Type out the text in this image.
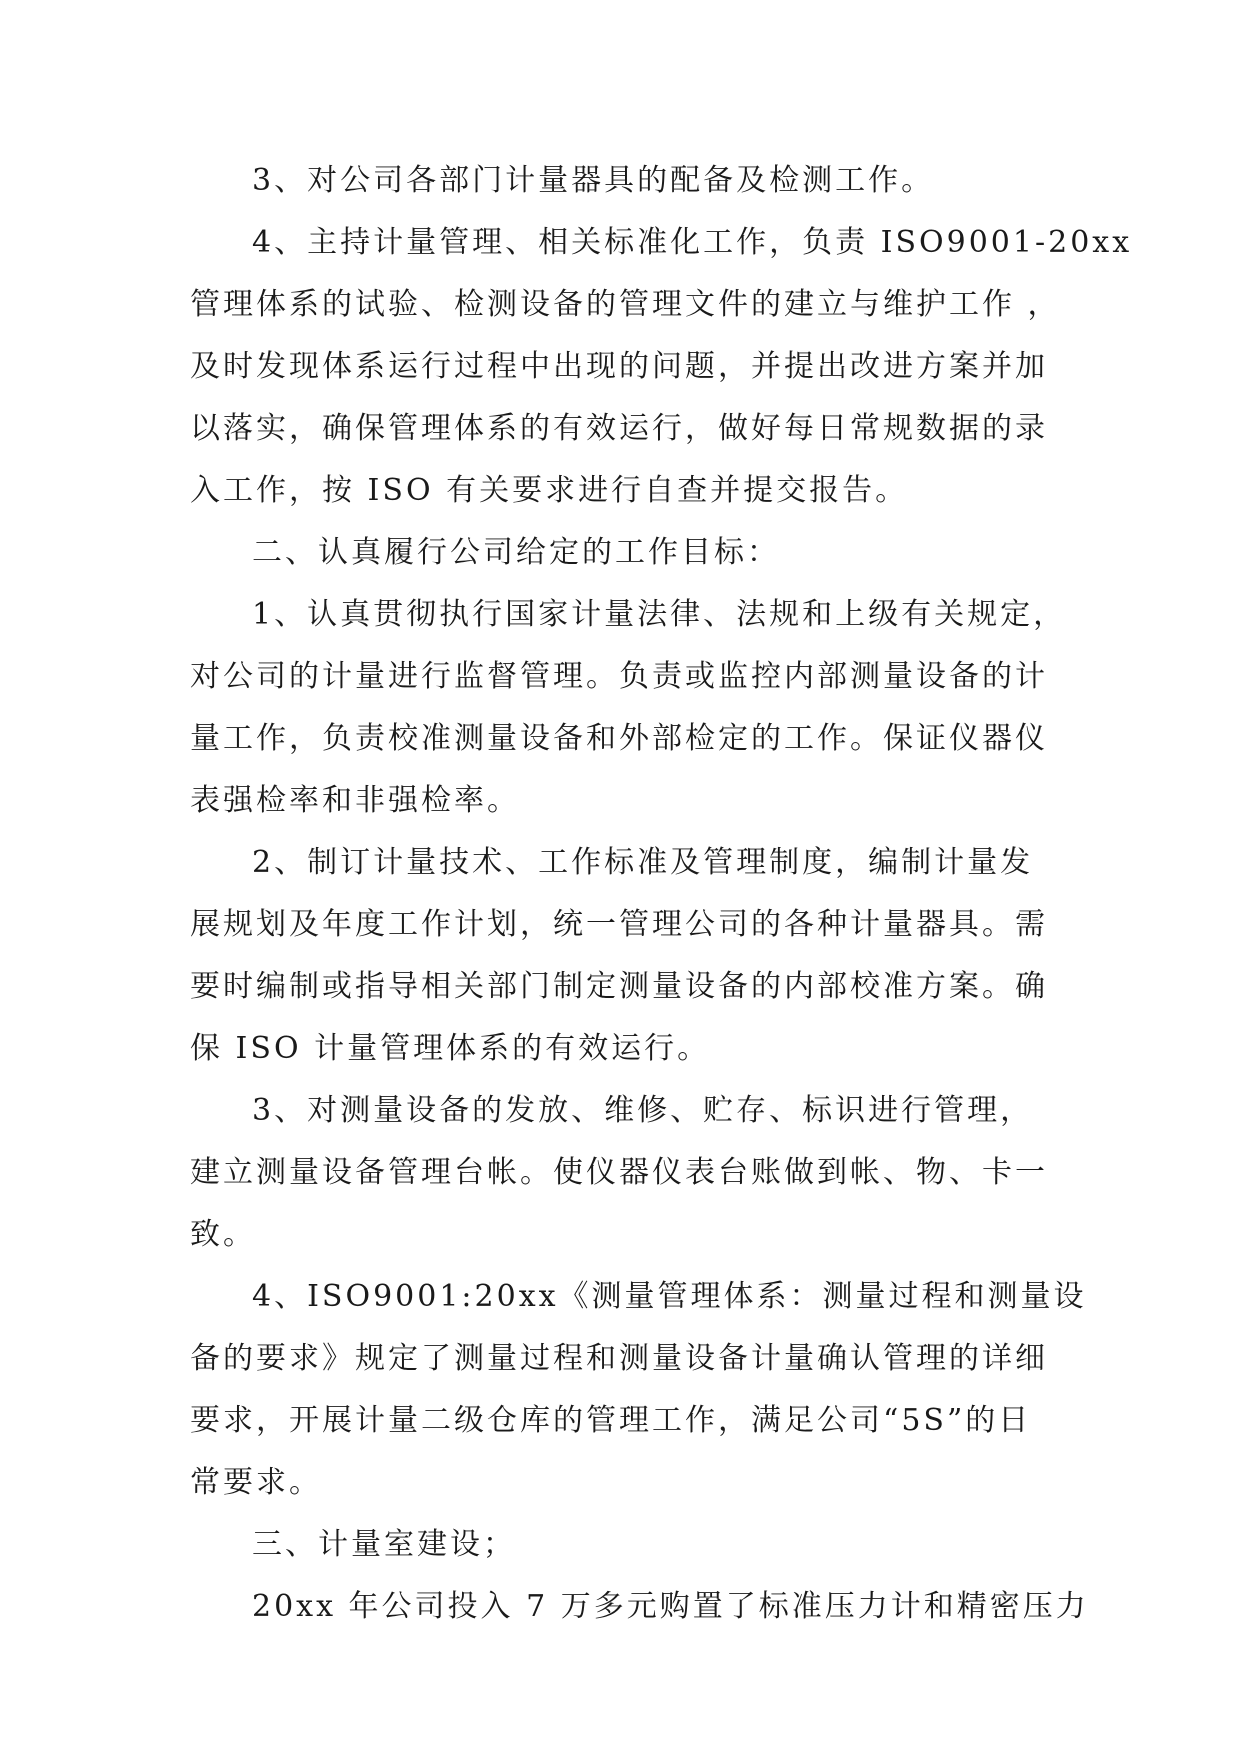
3、对公司各部门计量器具的配备及检测工作。
4、主持计量管理、相关标准化工作，负责 ISO9001-20xx
管理体系的试验、检测设备的管理文件的建立与维护工作 ，
及时发现体系运行过程中出现的问题，并提出改进方案并加
以落实，确保管理体系的有效运行，做好每日常规数据的录
入工作，按 ISO 有关要求进行自查并提交报告。
二、认真履行公司给定的工作目标：
1、认真贯彻执行国家计量法律、法规和上级有关规定，
对公司的计量进行监督管理。负责或监控内部测量设备的计
量工作，负责校准测量设备和外部检定的工作。保证仪器仪
表强检率和非强检率。
2、制订计量技术、工作标准及管理制度，编制计量发
展规划及年度工作计划，统一管理公司的各种计量器具。需
要时编制或指导相关部门制定测量设备的内部校准方案。确
保 ISO 计量管理体系的有效运行。
3、对测量设备的发放、维修、贮存、标识进行管理，
建立测量设备管理台帐。使仪器仪表台账做到帐、物、卡一
致。
4、ISO9001:20xx《测量管理体系：测量过程和测量设
备的要求》规定了测量过程和测量设备计量确认管理的详细
要求，开展计量二级仓库的管理工作，满足公司“5S”的日
常要求。
三、计量室建设；
20xx 年公司投入 7 万多元购置了标准压力计和精密压力
